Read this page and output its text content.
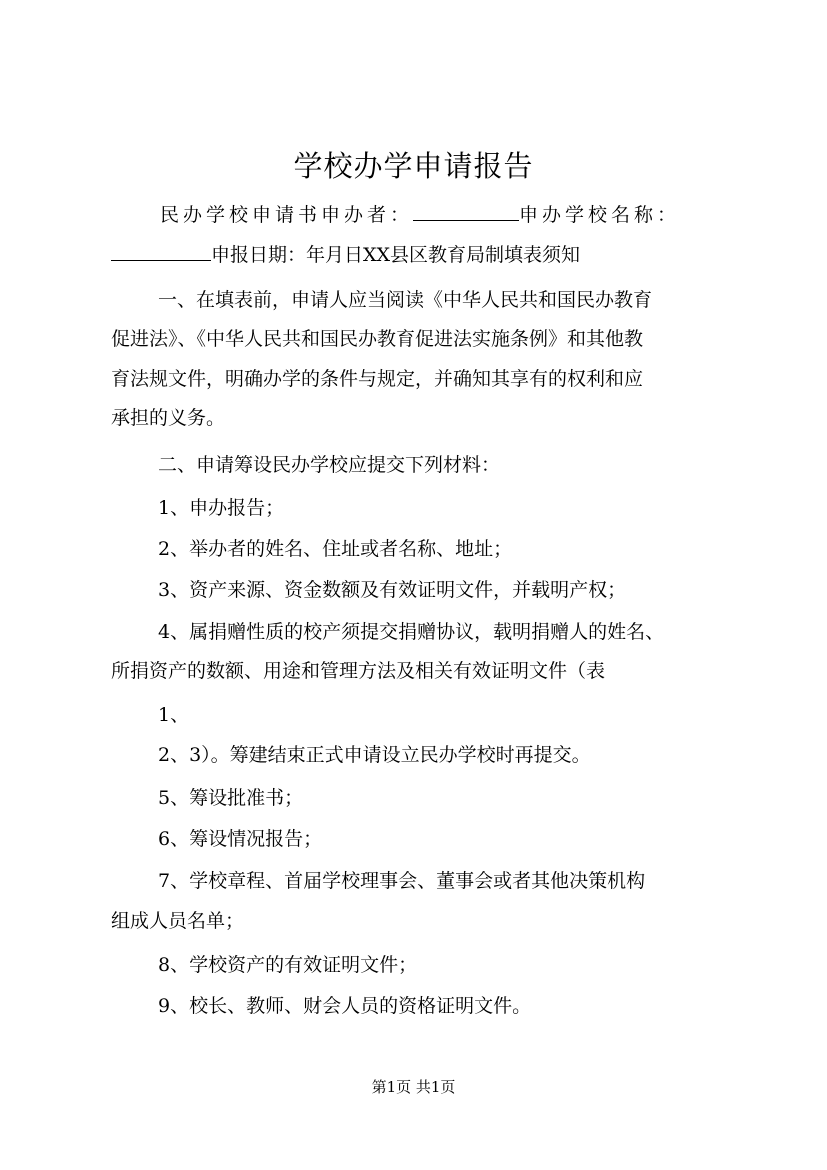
学校办学申请报告
民办学校申请书申办者：	申办学校名称：
申报日期：年月日XX县区教育局制填表须知
一、在填表前，申请人应当阅读《中华人民共和国民办教育
促进法》、《中华人民共和国民办教育促进法实施条例》和其他教
育法规文件，明确办学的条件与规定，并确知其享有的权利和应
承担的义务。
二、申请筹设民办学校应提交下列材料：
1、申办报告；
2、举办者的姓名、住址或者名称、地址；
3、资产来源、资金数额及有效证明文件，并载明产权；
4、属捐赠性质的校产须提交捐赠协议，载明捐赠人的姓名、
所捐资产的数额、用途和管理方法及相关有效证明文件（表
1、
2、3）。筹建结束正式申请设立民办学校时再提交。
5、筹设批准书；
6、筹设情况报告；
7、学校章程、首届学校理事会、董事会或者其他决策机构
组成人员名单；
8、学校资产的有效证明文件；
9、校长、教师、财会人员的资格证明文件。
第1页 共1页
